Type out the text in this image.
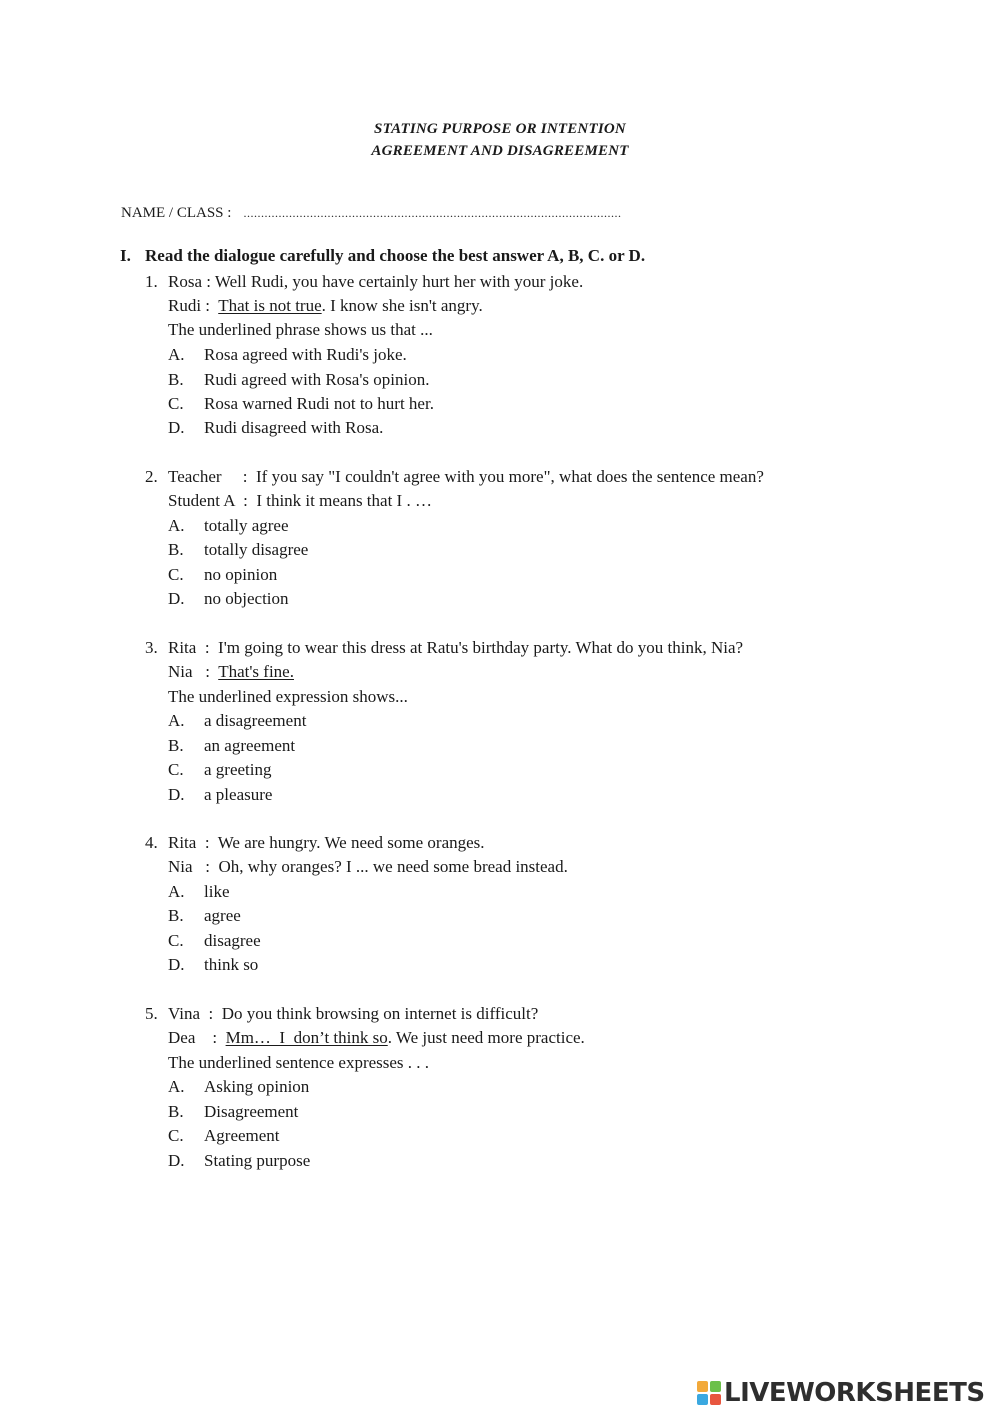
STATING PURPOSE OR INTENTION
AGREEMENT AND DISAGREEMENT
NAME / CLASS : ............................................................................................................
I. Read the dialogue carefully and choose the best answer A, B, C. or D.
1. Rosa : Well Rudi, you have certainly hurt her with your joke.
Rudi :  That is not true. I know she isn't angry.
The underlined phrase shows us that ...
A. Rosa agreed with Rudi's joke.
B. Rudi agreed with Rosa's opinion.
C. Rosa warned Rudi not to hurt her.
D. Rudi disagreed with Rosa.
2. Teacher     :  If you say "I couldn't agree with you more", what does the sentence mean?
Student A  :  I think it means that I . …
A. totally agree
B. totally disagree
C. no opinion
D. no objection
3. Rita  :  I'm going to wear this dress at Ratu's birthday party. What do you think, Nia?
Nia   :  That's fine.
The underlined expression shows...
A. a disagreement
B. an agreement
C. a greeting
D. a pleasure
4. Rita  :  We are hungry. We need some oranges.
Nia   :  Oh, why oranges? I ... we need some bread instead.
A. like
B. agree
C. disagree
D. think so
5. Vina  :  Do you think browsing on internet is difficult?
Dea    :  Mm…  I  don’t think so. We just need more practice.
The underlined sentence expresses . . .
A. Asking opinion
B. Disagreement
C. Agreement
D. Stating purpose
LIVEWORKSHEETS
